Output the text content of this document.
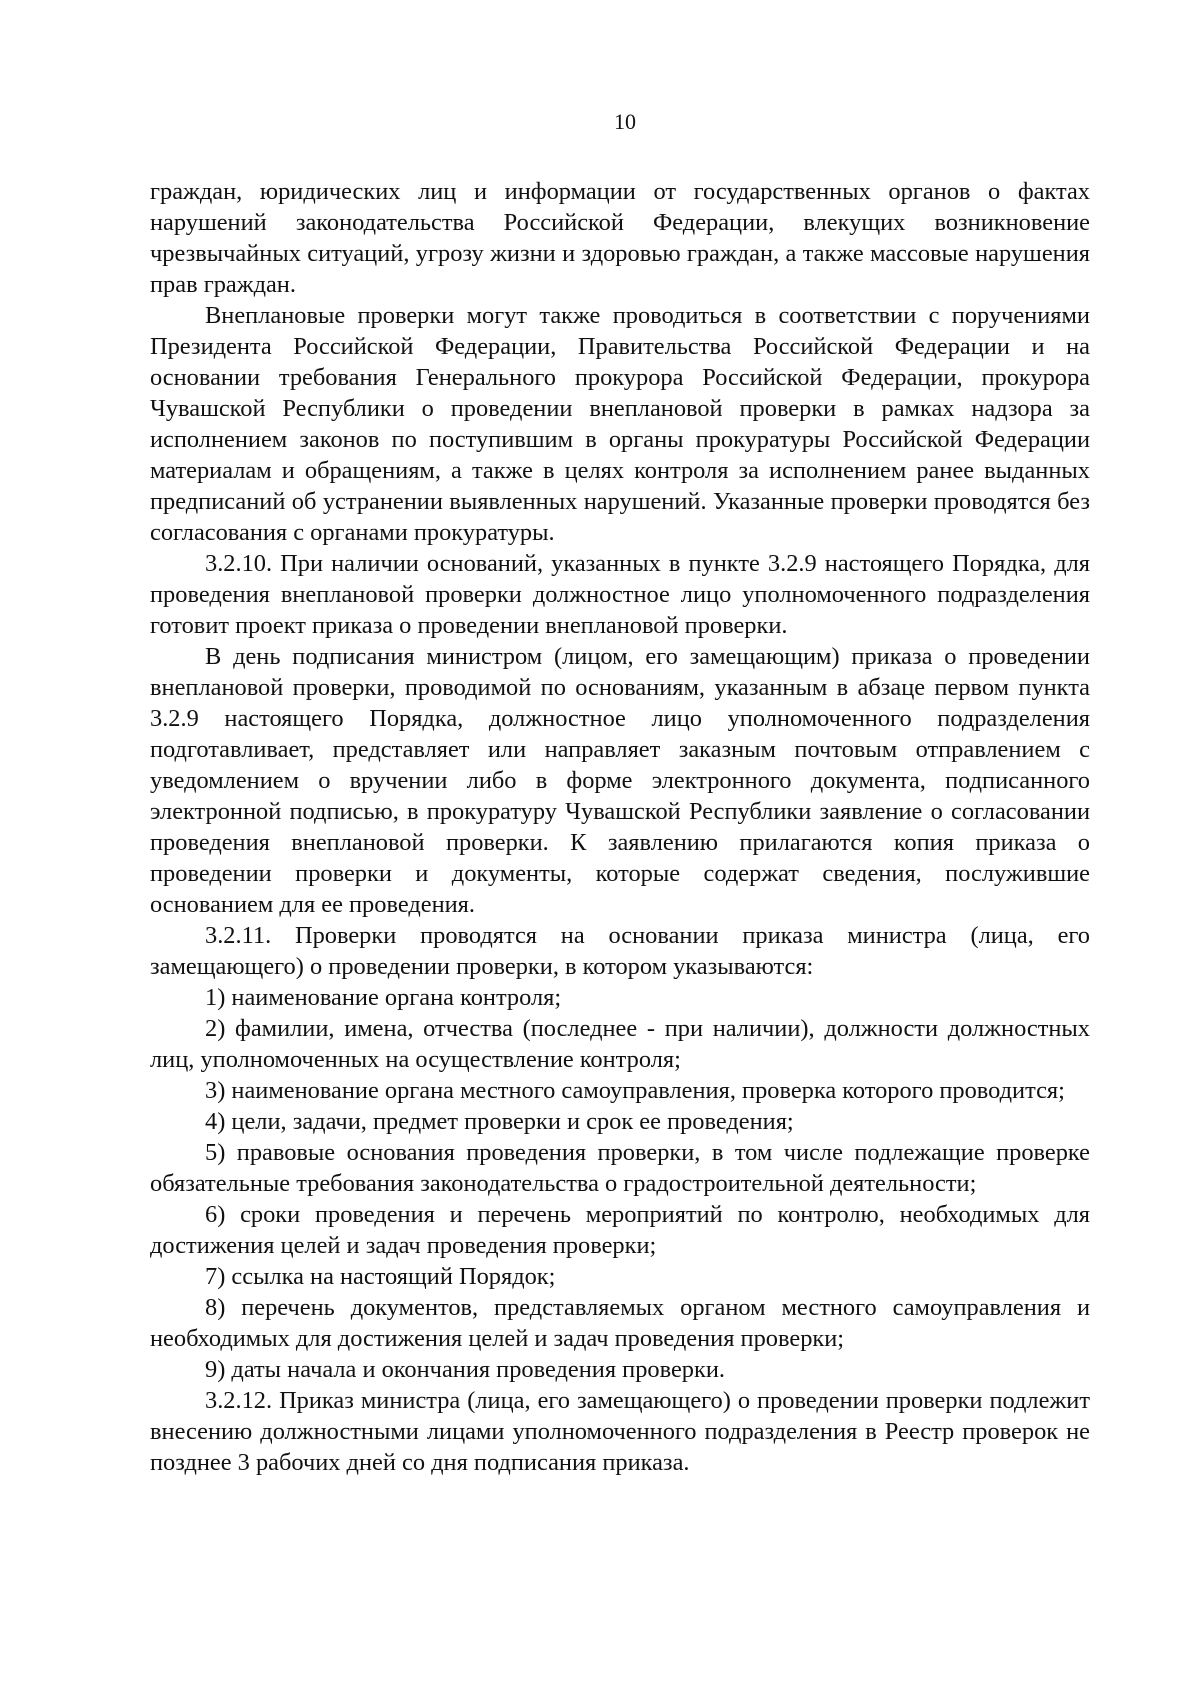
10

граждан, юридических лиц и информации от государственных органов о фактах нарушений законодательства Российской Федерации, влекущих возникновение чрезвычайных ситуаций, угрозу жизни и здоровью граждан, а также массовые нарушения прав граждан.

Внеплановые проверки могут также проводиться в соответствии с поручениями Президента Российской Федерации, Правительства Российской Федерации и на основании требования Генерального прокурора Российской Федерации, прокурора Чувашской Республики о проведении внеплановой проверки в рамках надзора за исполнением законов по поступившим в органы прокуратуры Российской Федерации материалам и обращениям, а также в целях контроля за исполнением ранее выданных предписаний об устранении выявленных нарушений. Указанные проверки проводятся без согласования с органами прокуратуры.

3.2.10. При наличии оснований, указанных в пункте 3.2.9 настоящего Порядка, для проведения внеплановой проверки должностное лицо уполномоченного подразделения готовит проект приказа о проведении внеплановой проверки.

В день подписания министром (лицом, его замещающим) приказа о проведении внеплановой проверки, проводимой по основаниям, указанным в абзаце первом пункта 3.2.9 настоящего Порядка, должностное лицо уполномоченного подразделения подготавливает, представляет или направляет заказным почтовым отправлением с уведомлением о вручении либо в форме электронного документа, подписанного электронной подписью, в прокуратуру Чувашской Республики заявление о согласовании проведения внеплановой проверки. К заявлению прилагаются копия приказа о проведении проверки и документы, которые содержат сведения, послужившие основанием для ее проведения.

3.2.11. Проверки проводятся на основании приказа министра (лица, его замещающего) о проведении проверки, в котором указываются:

1) наименование органа контроля;

2) фамилии, имена, отчества (последнее - при наличии), должности должностных лиц, уполномоченных на осуществление контроля;

3) наименование органа местного самоуправления, проверка которого проводится;

4) цели, задачи, предмет проверки и срок ее проведения;

5) правовые основания проведения проверки, в том числе подлежащие проверке обязательные требования законодательства о градостроительной деятельности;

6) сроки проведения и перечень мероприятий по контролю, необходимых для достижения целей и задач проведения проверки;

7) ссылка на настоящий Порядок;

8) перечень документов, представляемых органом местного самоуправления и необходимых для достижения целей и задач проведения проверки;

9) даты начала и окончания проведения проверки.

3.2.12. Приказ министра (лица, его замещающего) о проведении проверки подлежит внесению должностными лицами уполномоченного подразделения в Реестр проверок не позднее 3 рабочих дней со дня подписания приказа.
